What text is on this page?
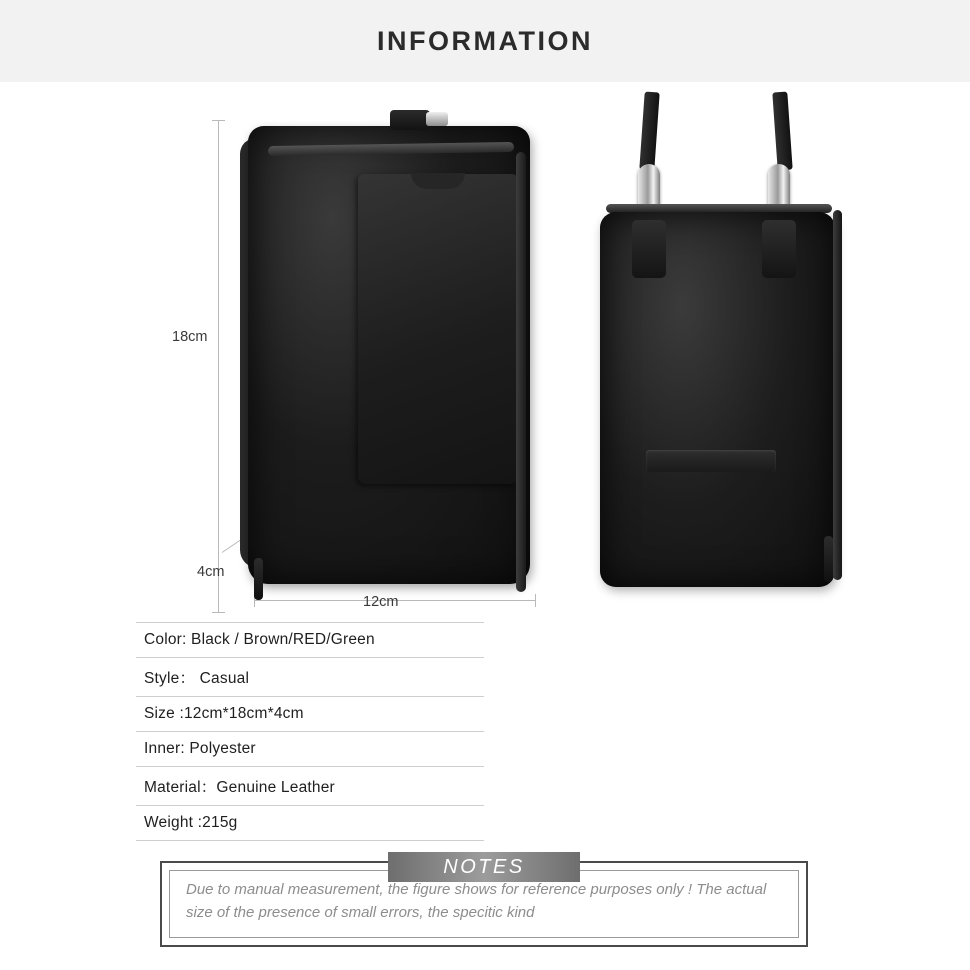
INFORMATION
18cm
12cm
4cm
Color: Black / Brown/RED/Green
Style： Casual
Size :12cm*18cm*4cm
Inner: Polyester
Material：Genuine Leather
Weight :215g
NOTES
Due to manual measurement, the figure shows for reference purposes only ! The actual size of the presence of small errors, the specitic kind
